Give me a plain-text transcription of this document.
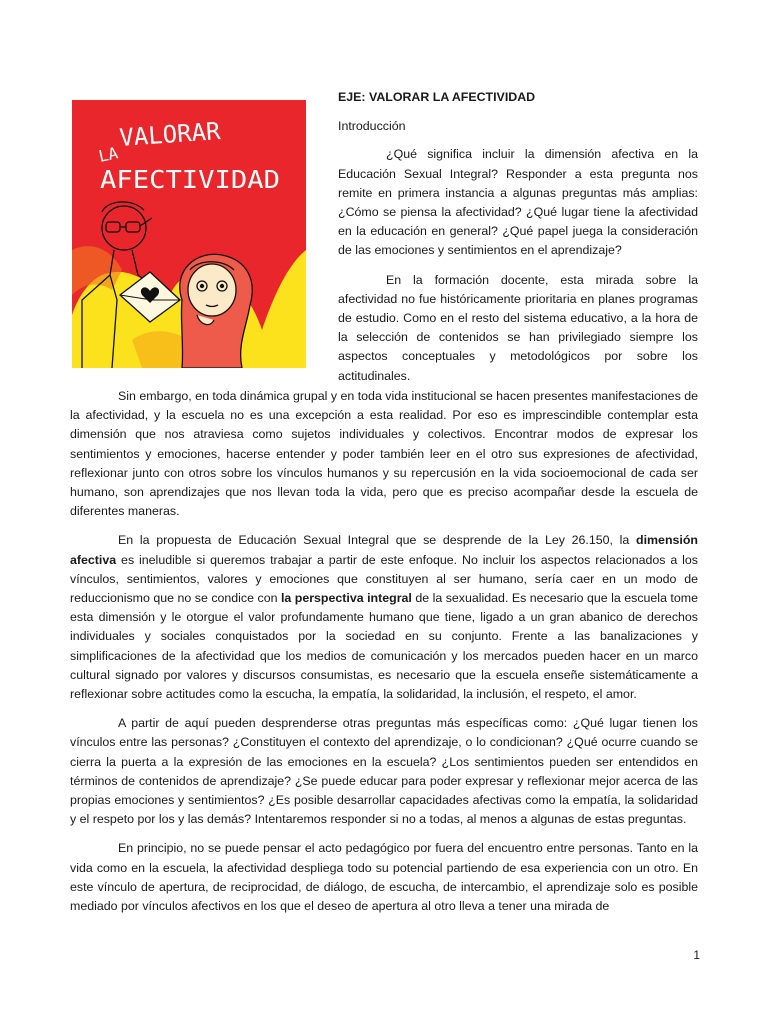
VALORAR
LA
AFECTIVIDAD
EJE: VALORAR LA AFECTIVIDAD
Introducción

¿Qué significa incluir la dimensión afectiva en la Educación Sexual Integral? Responder a esta pregunta nos remite en primera instancia a algunas preguntas más amplias: ¿Cómo se piensa la afectividad? ¿Qué lugar tiene la afectividad en la educación en general? ¿Qué papel juega la consideración de las emociones y sentimientos en el aprendizaje?

En la formación docente, esta mirada sobre la afectividad no fue históricamente prioritaria en planes programas de estudio. Como en el resto del sistema educativo, a la hora de la selección de contenidos se han privilegiado siempre los aspectos conceptuales y metodológicos por sobre los actitudinales.

Sin embargo, en toda dinámica grupal y en toda vida institucional se hacen presentes manifestaciones de la afectividad, y la escuela no es una excepción a esta realidad. Por eso es imprescindible contemplar esta dimensión que nos atraviesa como sujetos individuales y colectivos. Encontrar modos de expresar los sentimientos y emociones, hacerse entender y poder también leer en el otro sus expresiones de afectividad, reflexionar junto con otros sobre los vínculos humanos y su repercusión en la vida socioemocional de cada ser humano, son aprendizajes que nos llevan toda la vida, pero que es preciso acompañar desde la escuela de diferentes maneras.

En la propuesta de Educación Sexual Integral que se desprende de la Ley 26.150, la dimensión afectiva es ineludible si queremos trabajar a partir de este enfoque. No incluir los aspectos relacionados a los vínculos, sentimientos, valores y emociones que constituyen al ser humano, sería caer en un modo de reduccionismo que no se condice con la perspectiva integral de la sexualidad. Es necesario que la escuela tome esta dimensión y le otorgue el valor profundamente humano que tiene, ligado a un gran abanico de derechos individuales y sociales conquistados por la sociedad en su conjunto. Frente a las banalizaciones y simplificaciones de la afectividad que los medios de comunicación y los mercados pueden hacer en un marco cultural signado por valores y discursos consumistas, es necesario que la escuela enseñe sistemáticamente a reflexionar sobre actitudes como la escucha, la empatía, la solidaridad, la inclusión, el respeto, el amor.

A partir de aquí pueden desprenderse otras preguntas más específicas como: ¿Qué lugar tienen los vínculos entre las personas? ¿Constituyen el contexto del aprendizaje, o lo condicionan? ¿Qué ocurre cuando se cierra la puerta a la expresión de las emociones en la escuela? ¿Los sentimientos pueden ser entendidos en términos de contenidos de aprendizaje? ¿Se puede educar para poder expresar y reflexionar mejor acerca de las propias emociones y sentimientos? ¿Es posible desarrollar capacidades afectivas como la empatía, la solidaridad y el respeto por los y las demás? Intentaremos responder si no a todas, al menos a algunas de estas preguntas.

En principio, no se puede pensar el acto pedagógico por fuera del encuentro entre personas. Tanto en la vida como en la escuela, la afectividad despliega todo su potencial partiendo de esa experiencia con un otro. En este vínculo de apertura, de reciprocidad, de diálogo, de escucha, de intercambio, el aprendizaje solo es posible mediado por vínculos afectivos en los que el deseo de apertura al otro lleva a tener una mirada de

1
